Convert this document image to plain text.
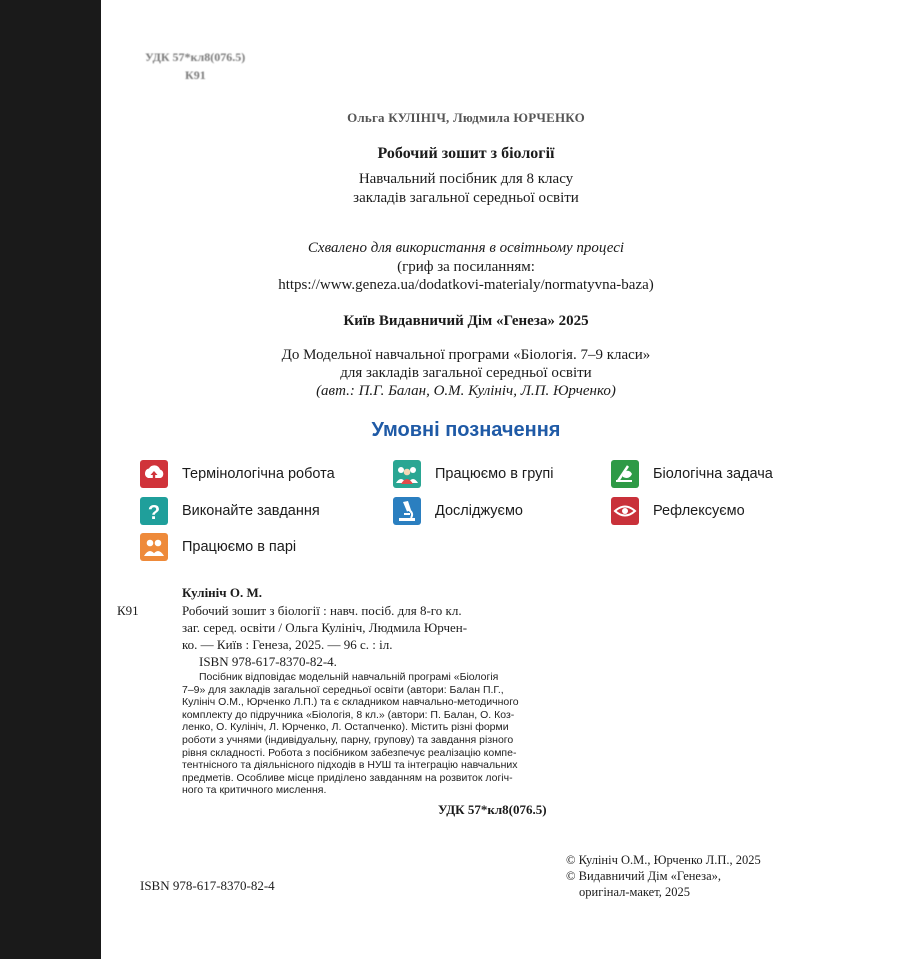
УДК 57*кл8(076.5)
К91
Ольга КУЛІНІЧ, Людмила ЮРЧЕНКО
Робочий зошит з біології
Навчальний посібник для 8 класу
закладів загальної середньої освіти
Схвалено для використання в освітньому процесі
(гриф за посиланням:
https://www.geneza.ua/dodatkovi-materialy/normatyvna-baza)
Київ Видавничий Дім «Генеза» 2025
До Модельної навчальної програми «Біологія. 7–9 класи»
для закладів загальної середньої освіти
(авт.: П.Г. Балан, О.М. Кулініч, Л.П. Юрченко)
Умовні позначення
Термінологічна робота	Працюємо в групі	Біологічна задача
? Виконайте завдання	Досліджуємо	Рефлексуємо
Працюємо в парі
Кулініч О. М.
К91	Робочий зошит з біології : навч. посіб. для 8-го кл.
заг. серед. освіти / Ольга Кулініч, Людмила Юрчен-
ко. — Київ : Генеза, 2025. — 96 с. : іл.
ISBN 978-617-8370-82-4.
Посібник відповідає модельній навчальній програмі «Біологія
7–9» для закладів загальної середньої освіти (автори: Балан П.Г.,
Кулініч О.М., Юрченко Л.П.) та є складником навчально-методичного
комплекту до підручника «Біологія, 8 кл.» (автори: П. Балан, О. Коз-
ленко, О. Кулініч, Л. Юрченко, Л. Остапченко). Містить різні форми
роботи з учнями (індивідуальну, парну, групову) та завдання різного
рівня складності. Робота з посібником забезпечує реалізацію компе-
тентнісного та діяльнісного підходів в НУШ та інтеграцію навчальних
предметів. Особливе місце приділено завданням на розвиток логіч-
ного та критичного мислення.
УДК 57*кл8(076.5)
ISBN 978-617-8370-82-4
© Кулініч О.М., Юрченко Л.П., 2025
© Видавничий Дім «Генеза»,
оригінал-макет, 2025
